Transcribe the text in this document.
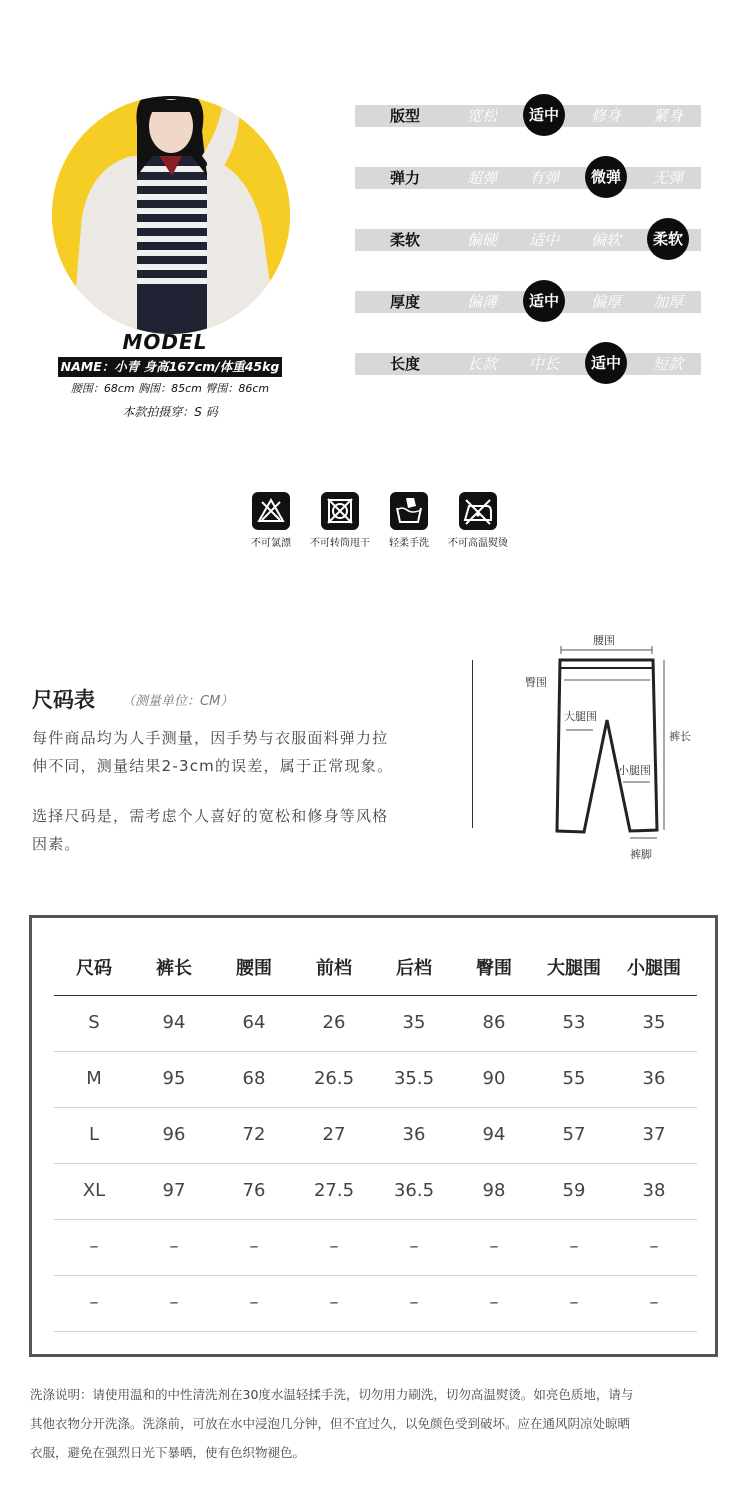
MODEL
NAME：小青 身高167cm/体重45kg
腰围：68cm 胸围：85cm 臀围：86cm
本款拍摄穿：S 码
版型	宽松	适中	修身	紧身
弹力	超弹	有弹	微弹	无弹
柔软	偏硬	适中	偏软	柔软
厚度	偏薄	适中	偏厚	加厚
长度	长款	中长	适中	短款
不可氯漂	不可转筒甩干	轻柔手洗	不可高温熨烫
尺码表 （测量单位：CM）
每件商品均为人手测量，因手势与衣服面料弹力拉
伸不同，测量结果2-3cm的误差，属于正常现象。
选择尺码是，需考虑个人喜好的宽松和修身等风格
因素。
腰围
臀围
大腿围
裤长
小腿围
裤脚
尺码	裤长	腰围	前档	后档	臀围	大腿围	小腿围
S	94	64	26	35	86	53	35
M	95	68	26.5	35.5	90	55	36
L	96	72	27	36	94	57	37
XL	97	76	27.5	36.5	98	59	38
–	–	–	–	–	–	–	–
–	–	–	–	–	–	–	–
洗涤说明：请使用温和的中性清洗剂在30度水温轻揉手洗，切勿用力刷洗，切勿高温熨烫。如亮色质地，请与
其他衣物分开洗涤。洗涤前，可放在水中浸泡几分钟，但不宜过久，以免颜色受到破坏。应在通风阴凉处晾晒
衣服，避免在强烈日光下暴晒，使有色织物褪色。
